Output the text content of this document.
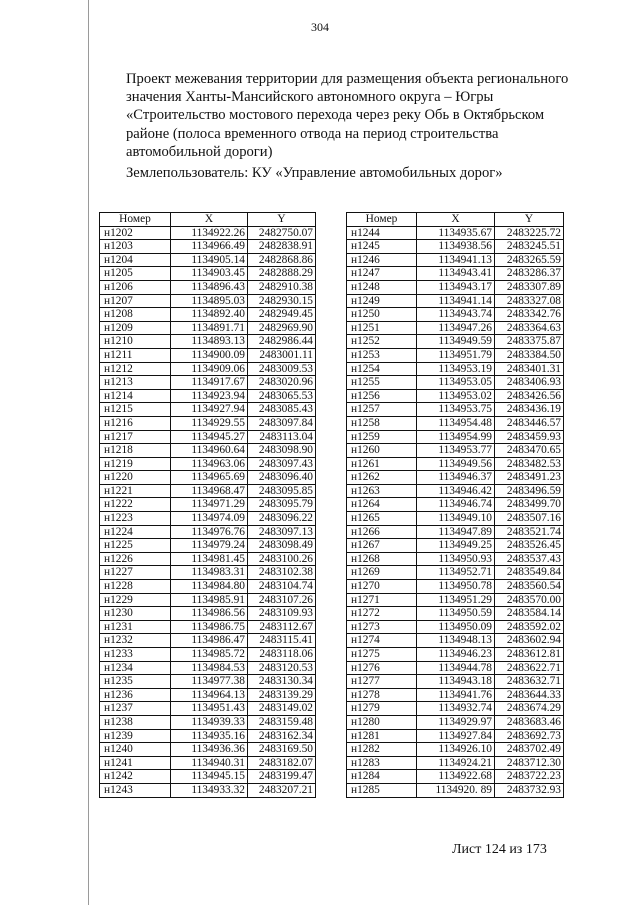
304
Проект межевания территории для размещения объекта регионального
значения Ханты-Мансийского автономного округа – Югры
«Строительство мостового перехода через реку Обь в Октябрьском
районе (полоса временного отвода на период строительства
автомобильной дороги)
Землепользователь: КУ «Управление автомобильных дорог»
Номер	X	Y
н1202	1134922.26	2482750.07
н1203	1134966.49	2482838.91
н1204	1134905.14	2482868.86
н1205	1134903.45	2482888.29
н1206	1134896.43	2482910.38
н1207	1134895.03	2482930.15
н1208	1134892.40	2482949.45
н1209	1134891.71	2482969.90
н1210	1134893.13	2482986.44
н1211	1134900.09	2483001.11
н1212	1134909.06	2483009.53
н1213	1134917.67	2483020.96
н1214	1134923.94	2483065.53
н1215	1134927.94	2483085.43
н1216	1134929.55	2483097.84
н1217	1134945.27	2483113.04
н1218	1134960.64	2483098.90
н1219	1134963.06	2483097.43
н1220	1134965.69	2483096.40
н1221	1134968.47	2483095.85
н1222	1134971.29	2483095.79
н1223	1134974.09	2483096.22
н1224	1134976.76	2483097.13
н1225	1134979.24	2483098.49
н1226	1134981.45	2483100.26
н1227	1134983.31	2483102.38
н1228	1134984.80	2483104.74
н1229	1134985.91	2483107.26
н1230	1134986.56	2483109.93
н1231	1134986.75	2483112.67
н1232	1134986.47	2483115.41
н1233	1134985.72	2483118.06
н1234	1134984.53	2483120.53
н1235	1134977.38	2483130.34
н1236	1134964.13	2483139.29
н1237	1134951.43	2483149.02
н1238	1134939.33	2483159.48
н1239	1134935.16	2483162.34
н1240	1134936.36	2483169.50
н1241	1134940.31	2483182.07
н1242	1134945.15	2483199.47
н1243	1134933.32	2483207.21
Номер	X	Y
н1244	1134935.67	2483225.72
н1245	1134938.56	2483245.51
н1246	1134941.13	2483265.59
н1247	1134943.41	2483286.37
н1248	1134943.17	2483307.89
н1249	1134941.14	2483327.08
н1250	1134943.74	2483342.76
н1251	1134947.26	2483364.63
н1252	1134949.59	2483375.87
н1253	1134951.79	2483384.50
н1254	1134953.19	2483401.31
н1255	1134953.05	2483406.93
н1256	1134953.02	2483426.56
н1257	1134953.75	2483436.19
н1258	1134954.48	2483446.57
н1259	1134954.99	2483459.93
н1260	1134953.77	2483470.65
н1261	1134949.56	2483482.53
н1262	1134946.37	2483491.23
н1263	1134946.42	2483496.59
н1264	1134946.74	2483499.70
н1265	1134949.10	2483507.16
н1266	1134947.89	2483521.74
н1267	1134949.25	2483526.45
н1268	1134950.93	2483537.43
н1269	1134952.71	2483549.84
н1270	1134950.78	2483560.54
н1271	1134951.29	2483570.00
н1272	1134950.59	2483584.14
н1273	1134950.09	2483592.02
н1274	1134948.13	2483602.94
н1275	1134946.23	2483612.81
н1276	1134944.78	2483622.71
н1277	1134943.18	2483632.71
н1278	1134941.76	2483644.33
н1279	1134932.74	2483674.29
н1280	1134929.97	2483683.46
н1281	1134927.84	2483692.73
н1282	1134926.10	2483702.49
н1283	1134924.21	2483712.30
н1284	1134922.68	2483722.23
н1285	1134920. 89	2483732.93
Лист 124 из 173
